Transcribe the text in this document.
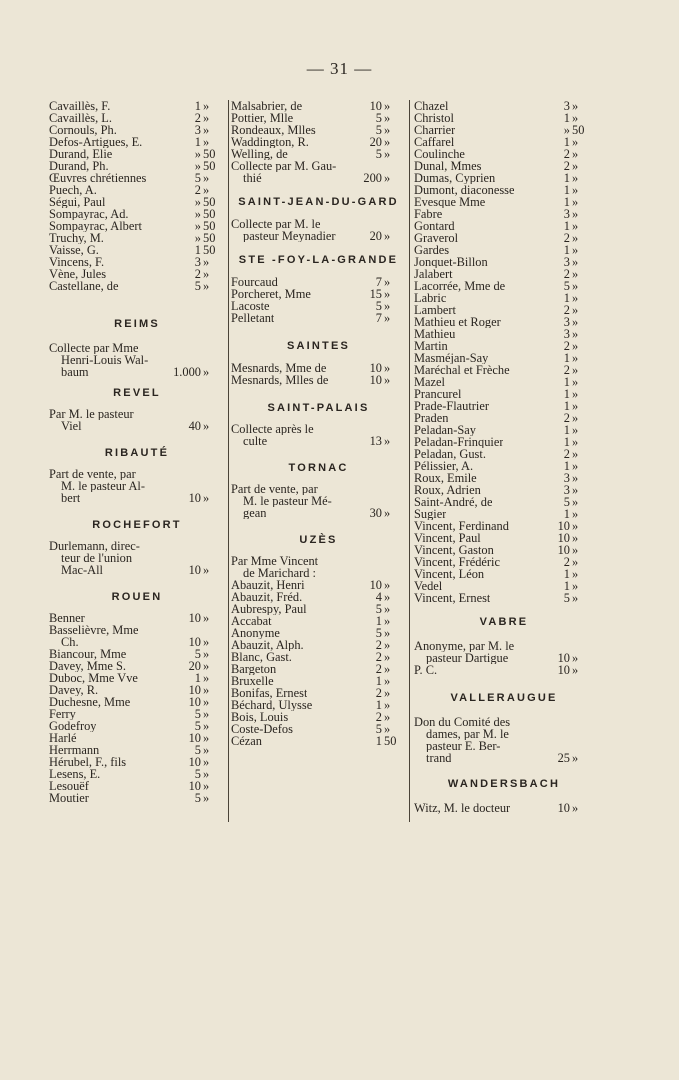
— 31 —
Cavaillès, F.	1 »
Cavaillès, L.	2 »
Cornouls, Ph.	3 »
Defos-Artigues, E.	1 »
Durand, Elie	» 50
Durand, Ph.	» 50
Œuvres chrétiennes	5 »
Puech, A.	2 »
Ségui, Paul	» 50
Sompayrac, Ad.	» 50
Sompayrac, Albert	» 50
Truchy, M.	» 50
Vaisse, G.	1 50
Vincens, F.	3 »
Vène, Jules	2 »
Castellane, de	5 »
REIMS
Collecte par Mme
Henri-Louis Wal-
baum	1.000 »
REVEL
Par M. le pasteur
Viel	40 »
RIBAUTÉ
Part de vente, par
M. le pasteur Al-
bert	10 »
ROCHEFORT
Durlemann, direc-
teur de l'union
Mac-All	10 »
ROUEN
Benner	10 »
Basselièvre, Mme
Ch.	10 »
Biancour, Mme	5 »
Davey, Mme S.	20 »
Duboc, Mme Vve	1 »
Davey, R.	10 »
Duchesne, Mme	10 »
Ferry	5 »
Godefroy	5 »
Harlé	10 »
Herrmann	5 »
Hérubel, F., fils	10 »
Lesens, E.	5 »
Lesouëf	10 »
Moutier	5 »
Malsabrier, de	10 »
Pottier, Mlle	5 »
Rondeaux, Mlles	5 »
Waddington, R.	20 »
Welling, de	5 »
Collecte par M. Gau-
thié	200 »
SAINT-JEAN-DU-GARD
Collecte par M. le
pasteur Meynadier	20 »
STE -FOY-LA-GRANDE
Fourcaud	7 »
Porcheret, Mme	15 »
Lacoste	5 »
Pelletant	7 »
SAINTES
Mesnards, Mme de	10 »
Mesnards, Mlles de	10 »
SAINT-PALAIS
Collecte après le
culte	13 »
TORNAC
Part de vente, par
M. le pasteur Mé-
gean	30 »
UZÈS
Par Mme Vincent
de Marichard :
Abauzit, Henri	10 »
Abauzit, Fréd.	4 »
Aubrespy, Paul	5 »
Accabat	1 »
Anonyme	5 »
Abauzit, Alph.	2 »
Blanc, Gast.	2 »
Bargeton	2 »
Bruxelle	1 »
Bonifas, Ernest	2 »
Béchard, Ulysse	1 »
Bois, Louis	2 »
Coste-Defos	5 »
Cézan	1 50
Chazel	3 »
Christol	1 »
Charrier	» 50
Caffarel	1 »
Coulinche	2 »
Dunal, Mmes	2 »
Dumas, Cyprien	1 »
Dumont, diaconesse	1 »
Evesque Mme	1 »
Fabre	3 »
Gontard	1 »
Graverol	2 »
Gardes	1 »
Jonquet-Billon	3 »
Jalabert	2 »
Lacorrée, Mme de	5 »
Labric	1 »
Lambert	2 »
Mathieu et Roger	3 »
Mathieu	3 »
Martin	2 »
Masméjan-Say	1 »
Maréchal et Frèche	2 »
Mazel	1 »
Prancurel	1 »
Prade-Flautrier	1 »
Praden	2 »
Peladan-Say	1 »
Peladan-Frinquier	1 »
Peladan, Gust.	2 »
Pélissier, A.	1 »
Roux, Emile	3 »
Roux, Adrien	3 »
Saint-André, de	5 »
Sugier	1 »
Vincent, Ferdinand	10 »
Vincent, Paul	10 »
Vincent, Gaston	10 »
Vincent, Frédéric	2 »
Vincent, Léon	1 »
Vedel	1 »
Vincent, Ernest	5 »
VABRE
Anonyme, par M. le
pasteur Dartigue	10 »
P. C.	10 »
VALLERAUGUE
Don du Comité des
dames, par M. le
pasteur E. Ber-
trand	25 »
WANDERSBACH
Witz, M. le docteur	10 »
